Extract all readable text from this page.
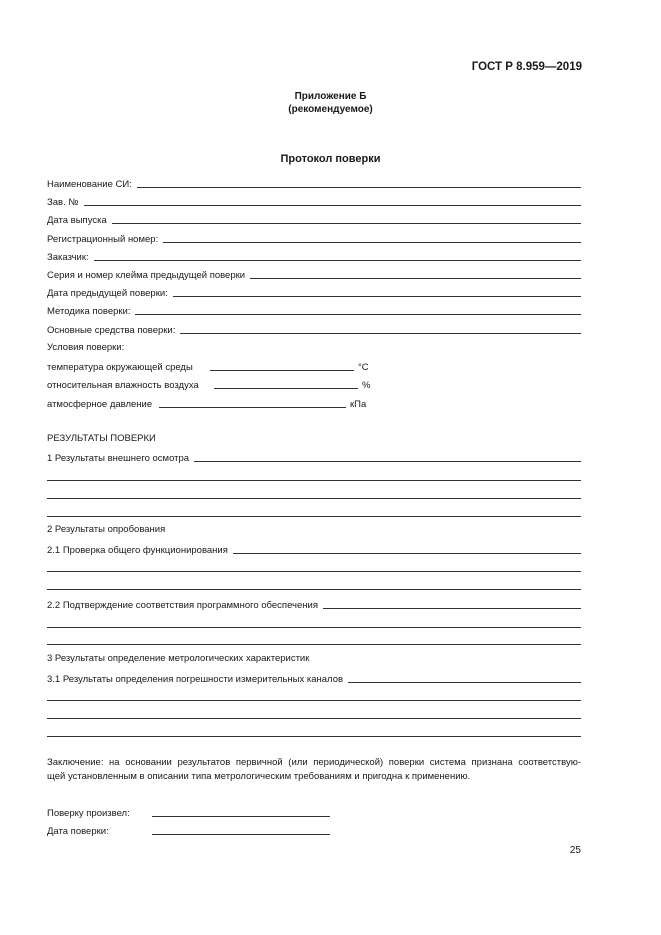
ГОСТ Р 8.959—2019
Приложение Б
(рекомендуемое)
Протокол поверки
Наименование СИ:
Зав. №
Дата выпуска
Регистрационный номер:
Заказчик:
Серия и номер клейма предыдущей поверки
Дата предыдущей поверки:
Методика поверки:
Основные средства поверки:
Условия поверки:
температура окружающей среды	°С
относительная влажность воздуха	%
атмосферное давление	кПа
РЕЗУЛЬТАТЫ ПОВЕРКИ
1 Результаты внешнего осмотра
2 Результаты опробования
2.1 Проверка общего функционирования
2.2 Подтверждение соответствия программного обеспечения
3 Результаты определение метрологических характеристик
3.1 Результаты определения погрешности измерительных каналов
Заключение: на основании результатов первичной (или периодической) поверки система признана соответствую-
щей установленным в описании типа метрологическим требованиям и пригодна к применению.
Поверку произвел:
Дата поверки:
25
